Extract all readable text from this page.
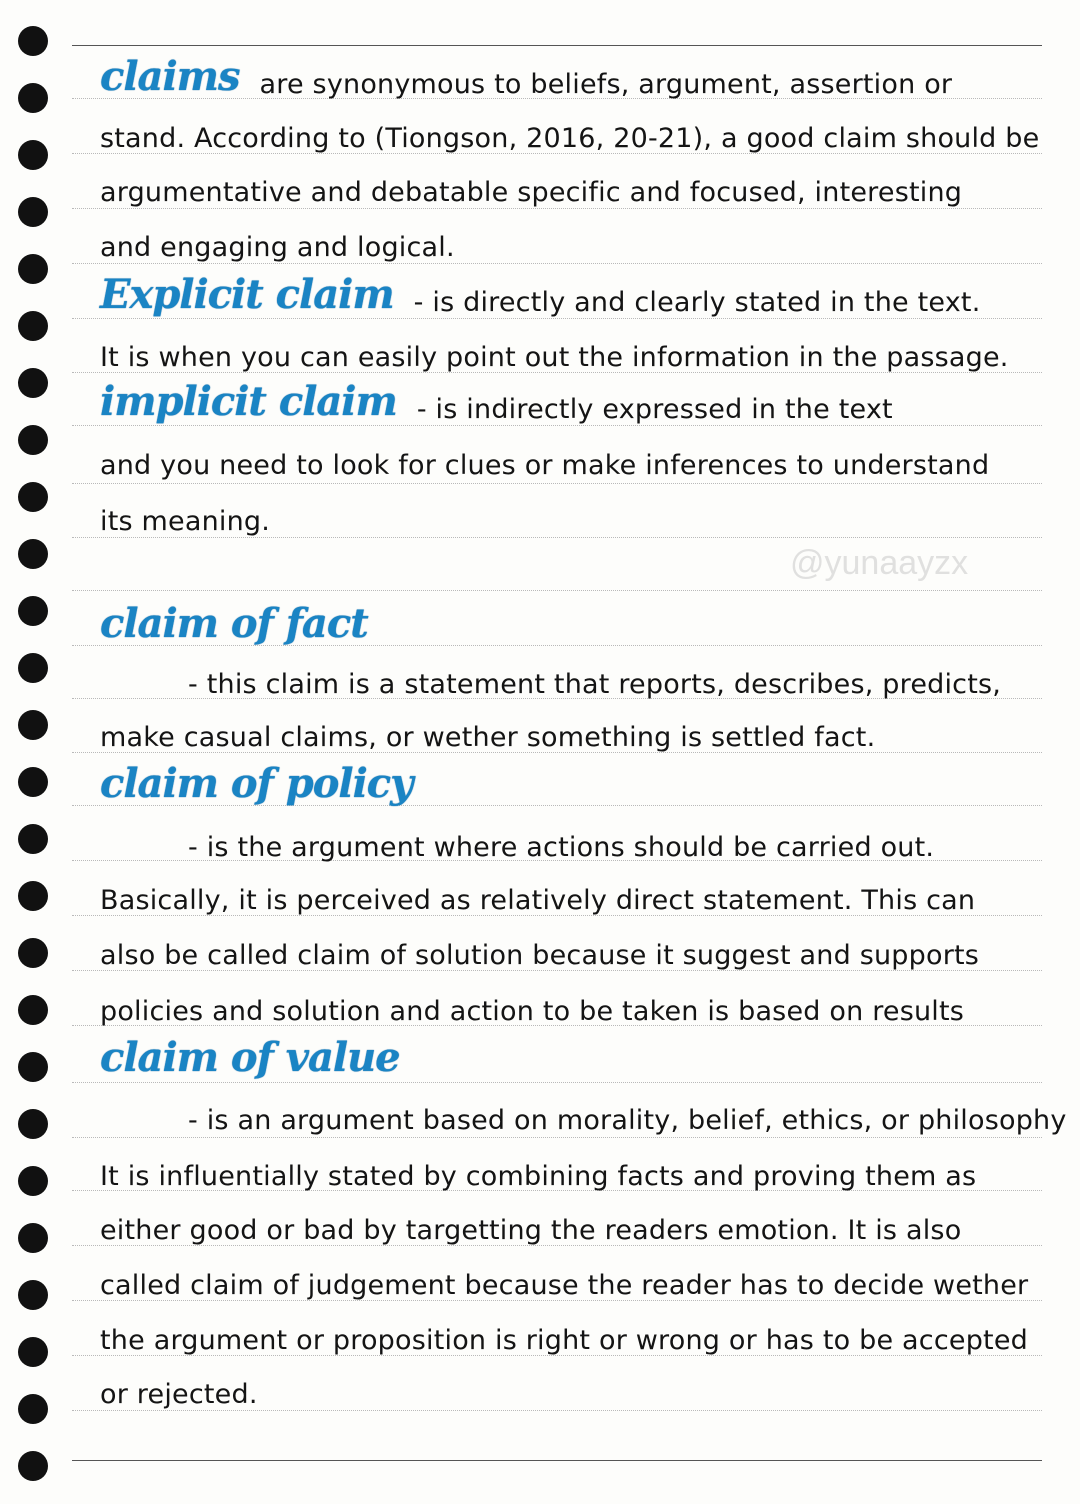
claims are synonymous to beliefs, argument, assertion or
stand. According to (Tiongson, 2016, 20-21), a good claim should be
argumentative and debatable specific and focused, interesting
and engaging and logical.
Explicit claim - is directly and clearly stated in the text.
It is when you can easily point out the information in the passage.
implicit claim - is indirectly expressed in the text
and you need to look for clues or make inferences to understand
its meaning.
claim of fact
- this claim is a statement that reports, describes, predicts,
make casual claims, or wether something is settled fact.
claim of policy
- is the argument where actions should be carried out.
Basically, it is perceived as relatively direct statement. This can
also be called claim of solution because it suggest and supports
policies and solution and action to be taken is based on results
claim of value
- is an argument based on morality, belief, ethics, or philosophy
It is influentially stated by combining facts and proving them as
either good or bad by targetting the readers emotion. It is also
called claim of judgement because the reader has to decide wether
the argument or proposition is right or wrong or has to be accepted
or rejected.
@yunaayzx
